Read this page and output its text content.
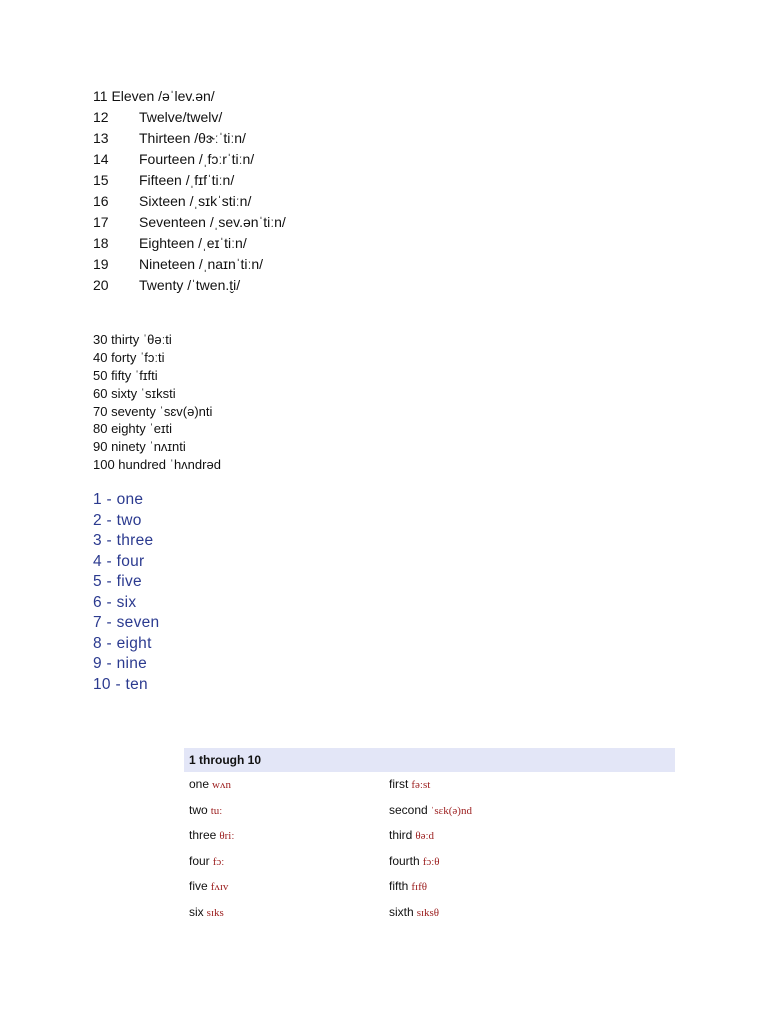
11 Eleven /əˈlev.ən/
12 Twelve/twelv/
13 Thirteen /θɝːˈtiːn/
14 Fourteen /ˌfɔːrˈtiːn/
15 Fifteen /ˌfɪfˈtiːn/
16 Sixteen /ˌsɪkˈstiːn/
17 Seventeen /ˌsev.ənˈtiːn/
18 Eighteen /ˌeɪˈtiːn/
19 Nineteen /ˌnaɪnˈtiːn/
20 Twenty /ˈtwen.t̬i/
30 thirty ˈθəːti
40 forty ˈfɔːti
50 fifty ˈfɪfti
60 sixty ˈsɪksti
70 seventy ˈsɛv(ə)nti
80 eighty ˈeɪti
90 ninety ˈnʌɪnti
100 hundred ˈhʌndrəd
1 - one
2 - two
3 - three
4 - four
5 - five
6 - six
7 - seven
8 - eight
9 - nine
10 - ten
1 through 10
one wʌn	first fəːst
two tuː	second ˈsɛk(ə)nd
three θriː	third θəːd
four fɔː	fourth fɔːθ
five fʌɪv	fifth fɪfθ
six sɪks	sixth sɪksθ
